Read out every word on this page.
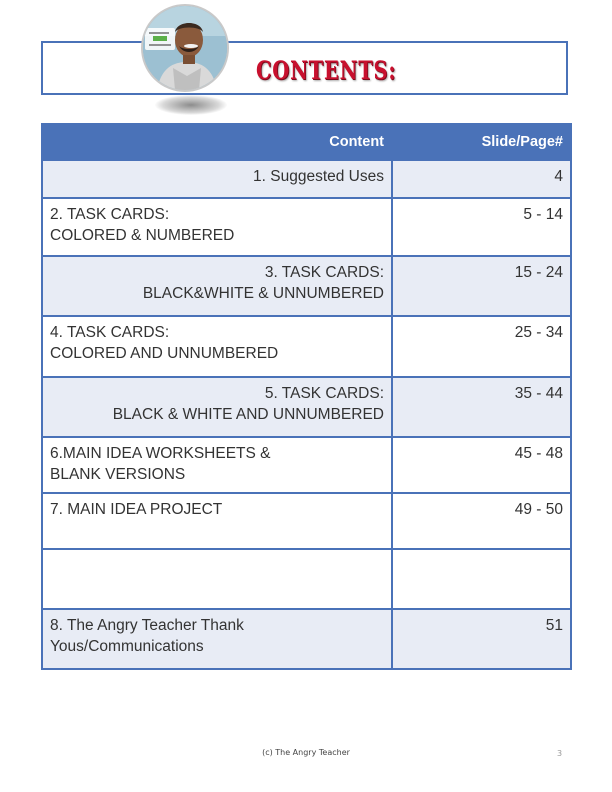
CONTENTS:
Content	Slide/Page#
1. Suggested Uses	4
2. TASK CARDS:
COLORED & NUMBERED	5 - 14
3. TASK CARDS:
BLACK&WHITE & UNNUMBERED	15 - 24
4. TASK CARDS:
COLORED AND UNNUMBERED	25 - 34
5. TASK CARDS:
BLACK & WHITE AND UNNUMBERED	35 - 44
6.MAIN IDEA WORKSHEETS &
BLANK VERSIONS	45 - 48
7. MAIN IDEA PROJECT	49 - 50

8. The Angry Teacher Thank
Yous/Communications	51
(c) The Angry Teacher	3
